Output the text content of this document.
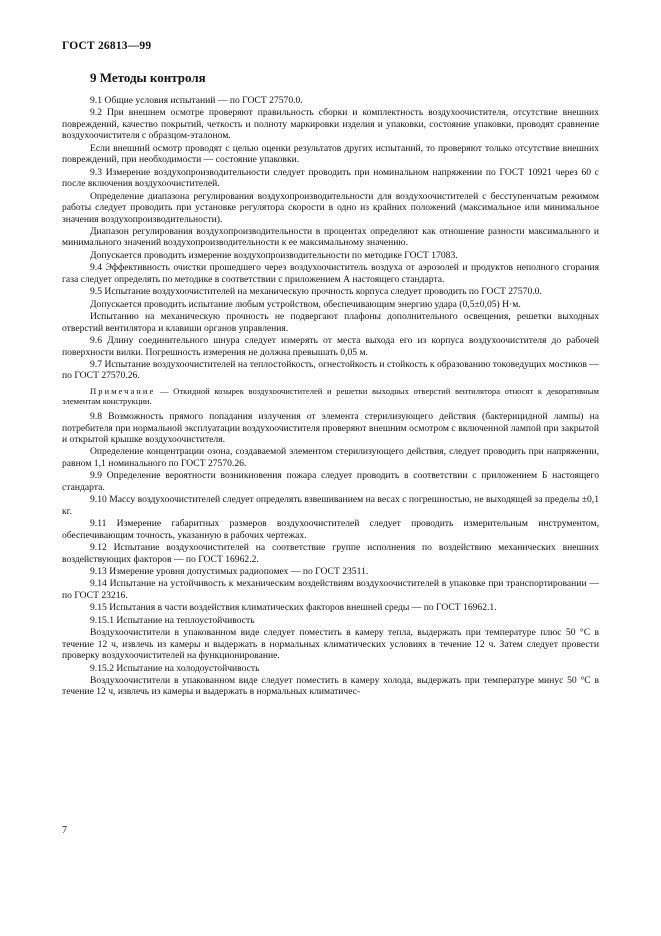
ГОСТ 26813—99
9 Методы контроля

9.1 Общие условия испытаний — по ГОСТ 27570.0.

9.2 При внешнем осмотре проверяют правильность сборки и комплектность воздухоочистителя, отсутствие внешних повреждений, качество покрытий, четкость и полноту маркировки изделия и упаковки, состояние упаковки, проводят сравнение воздухоочистителя с образцом-эталоном.

Если внешний осмотр проводят с целью оценки результатов других испытаний, то проверяют только отсутствие внешних повреждений, при необходимости — состояние упаковки.

9.3 Измерение воздухопроизводительности следует проводить при номинальном напряжении по ГОСТ 10921 через 60 с после включения воздухоочистителей.

Определение диапазона регулирования воздухопроизводительности для воздухоочистителей с бесступенчатым режимом работы следует проводить при установке регулятора скорости в одно из крайних положений (максимальное или минимальное значения воздухопроизводительности).

Диапазон регулирования воздухопроизводительности в процентах определяют как отношение разности максимального и минимального значений воздухопроизводительности к ее максимальному значению.

Допускается проводить измерение воздухопроизводительности по методике ГОСТ 17083.

9.4 Эффективность очистки прошедшего через воздухоочиститель воздуха от аэрозолей и продуктов неполного сгорания газа следует определять по методике в соответствии с приложением А настоящего стандарта.

9.5 Испытание воздухоочистителей на механическую прочность корпуса следует проводить по ГОСТ 27570.0.

Допускается проводить испытание любым устройством, обеспечивающим энергию удара (0,5±0,05) Н·м.

Испытанию на механическую прочность не подвергают плафоны дополнительного освещения, решетки выходных отверстий вентилятора и клавиши органов управления.

9.6 Длину соединительного шнура следует измерять от места выхода его из корпуса воздухоочистителя до рабочей поверхности вилки. Погрешность измерения не должна превышать 0,05 м.

9.7 Испытание воздухоочистителей на теплостойкость, огнестойкость и стойкость к образованию токоведущих мостиков — по ГОСТ 27570.26.

Примечание — Откидной козырек воздухоочистителей и решетки выходных отверстий вентилятора относят к декоративным элементам конструкции.

9.8 Возможность прямого попадания излучения от элемента стерилизующего действия (бактерицидной лампы) на потребителя при нормальной эксплуатации воздухоочистителя проверяют внешним осмотром с включенной лампой при закрытой и открытой крышке воздухоочистителя.

Определение концентрации озона, создаваемой элементом стерилизующего действия, следует проводить при напряжении, равном 1,1 номинального по ГОСТ 27570.26.

9.9 Определение вероятности возникновения пожара следует проводить в соответствии с приложением Б настоящего стандарта.

9.10 Массу воздухоочистителей следует определять взвешиванием на весах с погрешностью, не выходящей за пределы ±0,1 кг.

9.11 Измерение габаритных размеров воздухоочистителей следует проводить измерительным инструментом, обеспечивающим точность, указанную в рабочих чертежах.

9.12 Испытание воздухоочистителей на соответствие группе исполнения по воздействию механических внешних воздействующих факторов — по ГОСТ 16962.2.

9.13 Измерение уровня допустимых радиопомех — по ГОСТ 23511.

9.14 Испытание на устойчивость к механическим воздействиям воздухоочистителей в упаковке при транспортировании — по ГОСТ 23216.

9.15 Испытания в части воздействия климатических факторов внешней среды — по ГОСТ 16962.1.

9.15.1 Испытание на теплоустойчивость

Воздухоочистители в упакованном виде следует поместить в камеру тепла, выдержать при температуре плюс 50 °С в течение 12 ч, извлечь из камеры и выдержать в нормальных климатических условиях в течение 12 ч. Затем следует провести проверку воздухоочистителей на функционирование.

9.15.2 Испытание на холодоустойчивость

Воздухоочистители в упакованном виде следует поместить в камеру холода, выдержать при температуре минус 50 °С в течение 12 ч, извлечь из камеры и выдержать в нормальных климатичес-

7
